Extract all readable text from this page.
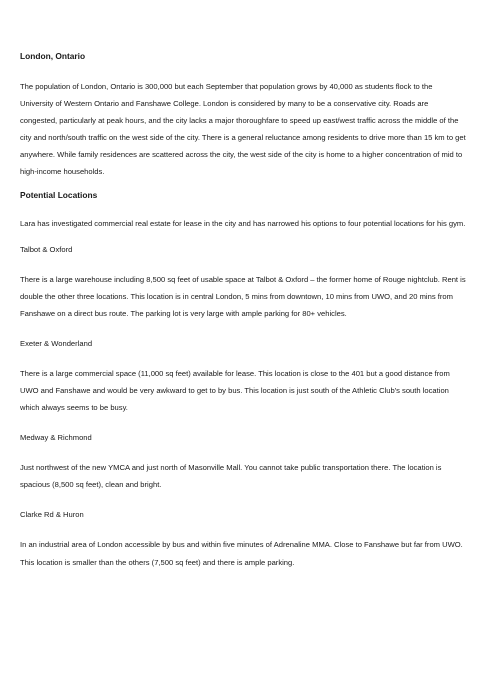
London, Ontario

The population of London, Ontario is 300,000 but each September that population grows by 40,000 as students flock to the University of Western Ontario and Fanshawe College. London is considered by many to be a conservative city. Roads are congested, particularly at peak hours, and the city lacks a major thoroughfare to speed up east/west traffic across the middle of the city and north/south traffic on the west side of the city. There is a general reluctance among residents to drive more than 15 km to get anywhere. While family residences are scattered across the city, the west side of the city is home to a higher concentration of mid to high-income households.

Potential Locations

Lara has investigated commercial real estate for lease in the city and has narrowed his options to four potential locations for his gym.

Talbot & Oxford

There is a large warehouse including 8,500 sq feet of usable space at Talbot & Oxford – the former home of Rouge nightclub. Rent is double the other three locations. This location is in central London, 5 mins from downtown, 10 mins from UWO, and 20 mins from Fanshawe on a direct bus route. The parking lot is very large with ample parking for 80+ vehicles.

Exeter & Wonderland

There is a large commercial space (11,000 sq feet) available for lease. This location is close to the 401 but a good distance from UWO and Fanshawe and would be very awkward to get to by bus. This location is just south of the Athletic Club's south location which always seems to be busy.

Medway & Richmond

Just northwest of the new YMCA and just north of Masonville Mall. You cannot take public transportation there. The location is spacious (8,500 sq feet), clean and bright.

Clarke Rd & Huron

In an industrial area of London accessible by bus and within five minutes of Adrenaline MMA. Close to Fanshawe but far from UWO. This location is smaller than the others (7,500 sq feet) and there is ample parking.
